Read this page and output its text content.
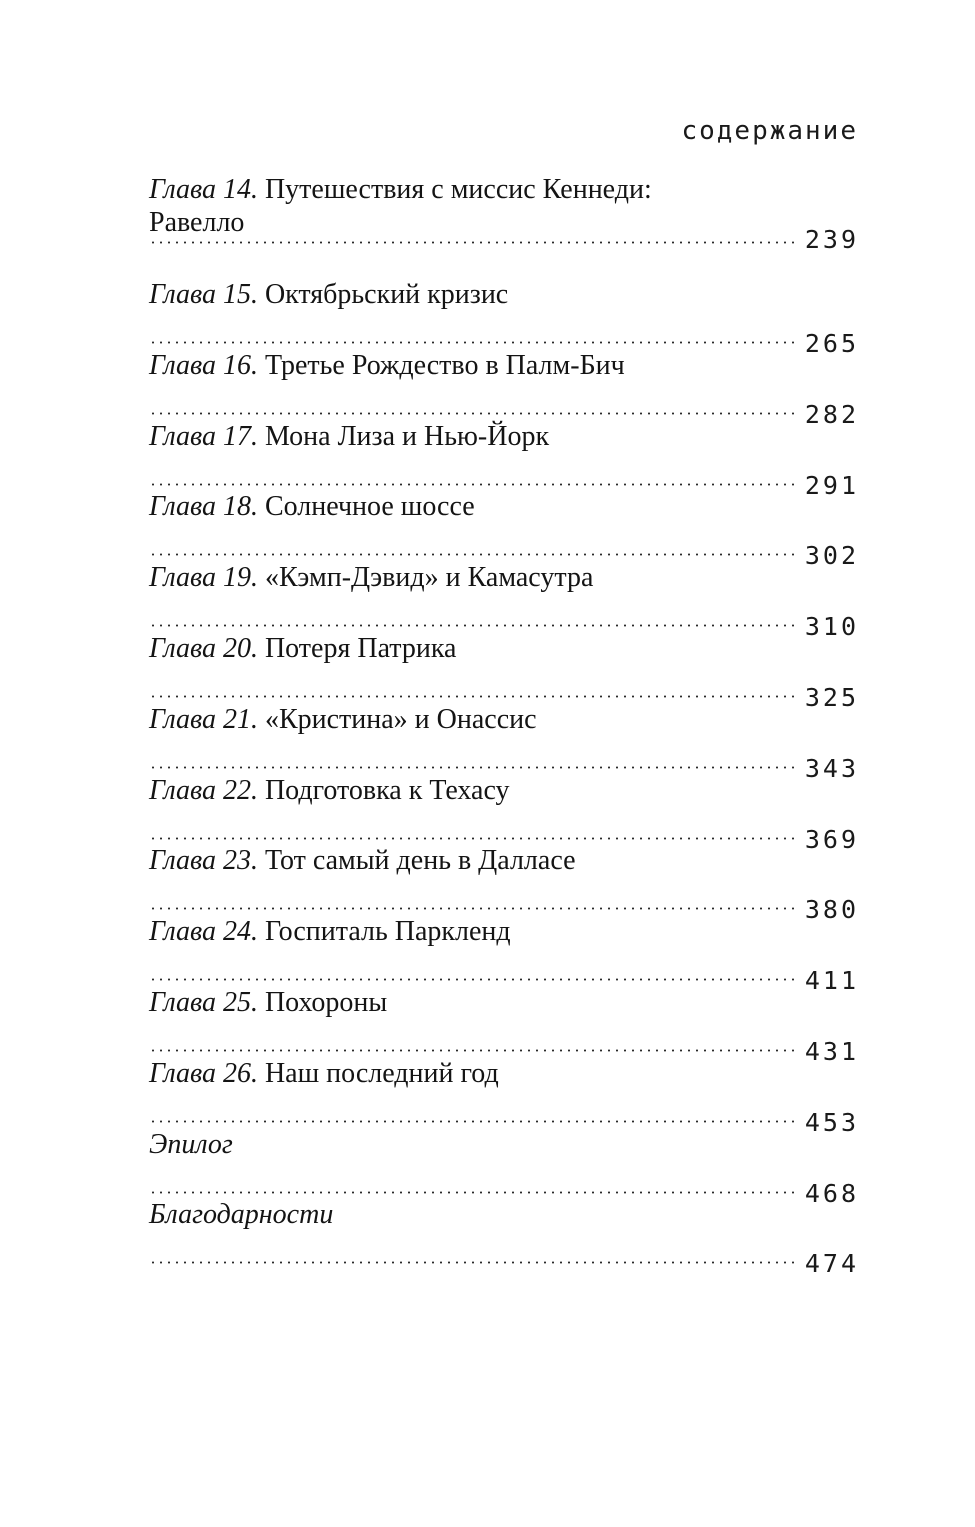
содержание
Глава 14. Путешествия с миссис Кеннеди:
Равелло
239
Глава 15. Октябрьский кризис
265
Глава 16. Третье Рождество в Палм-Бич
282
Глава 17. Мона Лиза и Нью-Йорк
291
Глава 18. Солнечное шоссе
302
Глава 19. «Кэмп-Дэвид» и Камасутра
310
Глава 20. Потеря Патрика
325
Глава 21. «Кристина» и Онассис
343
Глава 22. Подготовка к Техасу
369
Глава 23. Тот самый день в Далласе
380
Глава 24. Госпиталь Паркленд
411
Глава 25. Похороны
431
Глава 26. Наш последний год
453
Эпилог
468
Благодарности
474
